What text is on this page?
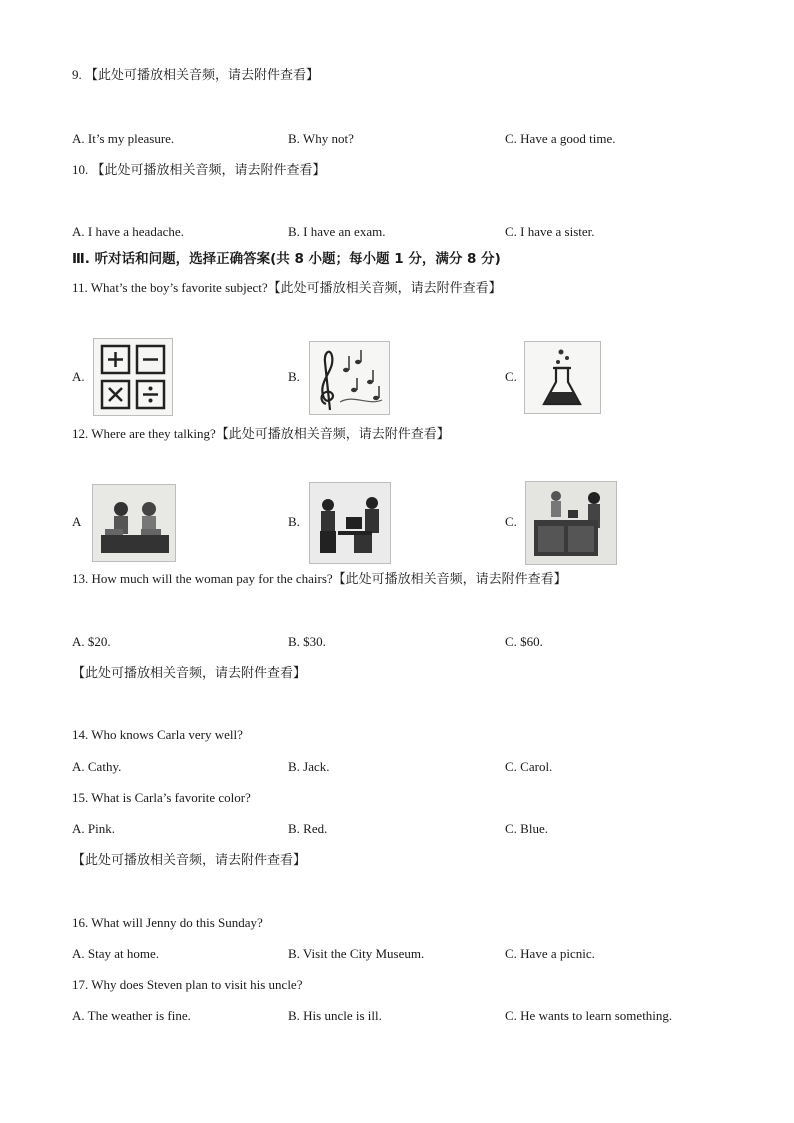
9. 【此处可播放相关音频，请去附件查看】
A. It’s my pleasure.	B. Why not?	C. Have a good time.
10. 【此处可播放相关音频，请去附件查看】
A. I have a headache.	B. I have an exam.	C. I have a sister.
Ⅲ. 听对话和问题，选择正确答案(共 8 小题；每小题 1 分，满分 8 分)
11. What’s the boy’s favorite subject?【此处可播放相关音频，请去附件查看】
A.	B.	C.
12. Where are they talking?【此处可播放相关音频，请去附件查看】
A	B.	C.
13. How much will the woman pay for the chairs?【此处可播放相关音频，请去附件查看】
A. $20.	B. $30.	C. $60.
【此处可播放相关音频，请去附件查看】
14. Who knows Carla very well?
A. Cathy.	B. Jack.	C. Carol.
15. What is Carla’s favorite color?
A. Pink.	B. Red.	C. Blue.
【此处可播放相关音频，请去附件查看】
16. What will Jenny do this Sunday?
A. Stay at home.	B. Visit the City Museum.	C. Have a picnic.
17. Why does Steven plan to visit his uncle?
A. The weather is fine.	B. His uncle is ill.	C. He wants to learn something.
